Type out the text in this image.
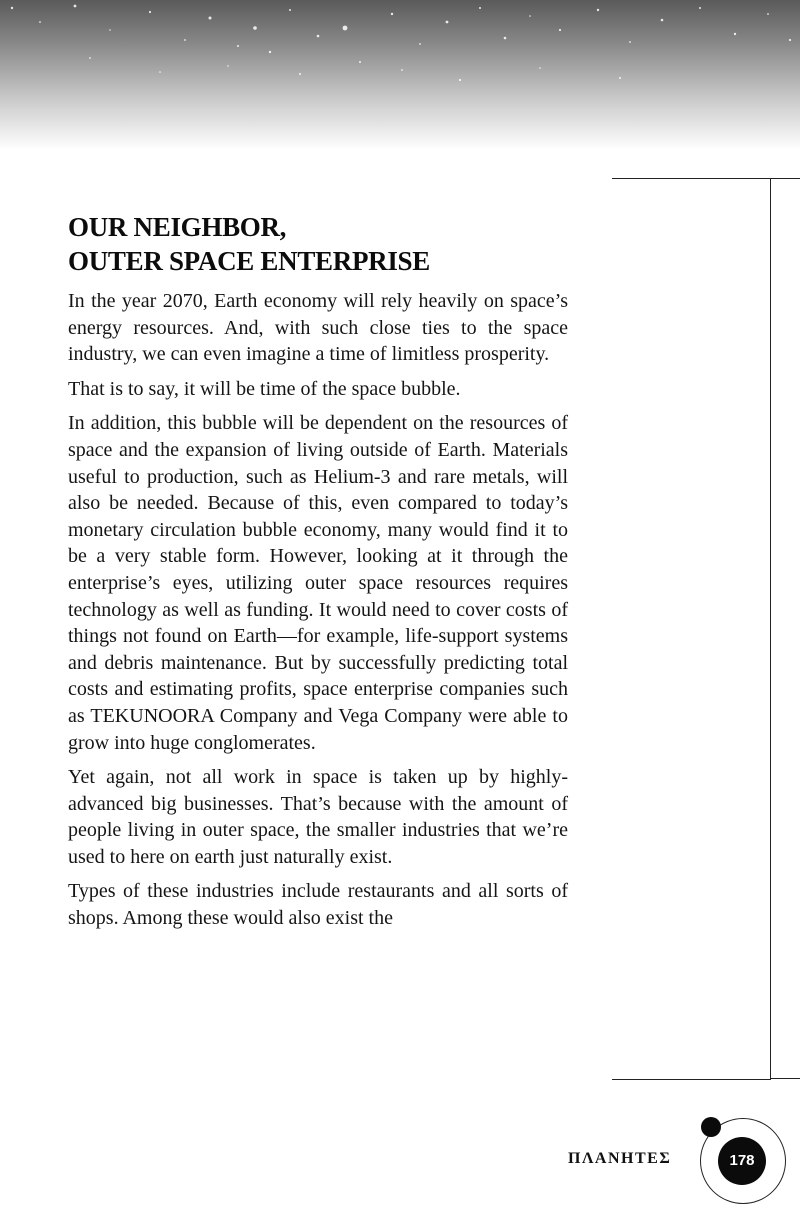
OUR NEIGHBOR,
OUTER SPACE ENTERPRISE

In the year 2070, Earth economy will rely heavily on space’s energy resources. And, with such close ties to the space industry, we can even imagine a time of limitless prosperity.

That is to say, it will be time of the space bubble.

In addition, this bubble will be dependent on the resources of space and the expansion of living outside of Earth. Materials useful to production, such as Helium-3 and rare metals, will also be needed. Because of this, even compared to today’s monetary circulation bubble economy, many would find it to be a very stable form. However, looking at it through the enterprise’s eyes, utilizing outer space resources requires technology as well as funding. It would need to cover costs of things not found on Earth—for example, life-support systems and debris maintenance. But by successfully predicting total costs and estimating profits, space enterprise companies such as TEKUNOORA Company and Vega Company were able to grow into huge conglomerates.

Yet again, not all work in space is taken up by highly-advanced big businesses. That’s because with the amount of people living in outer space, the smaller industries that we’re used to here on earth just naturally exist.

Types of these industries include restaurants and all sorts of shops. Among these would also exist the

ΠΛΑΝΗΤΕΣ	178
